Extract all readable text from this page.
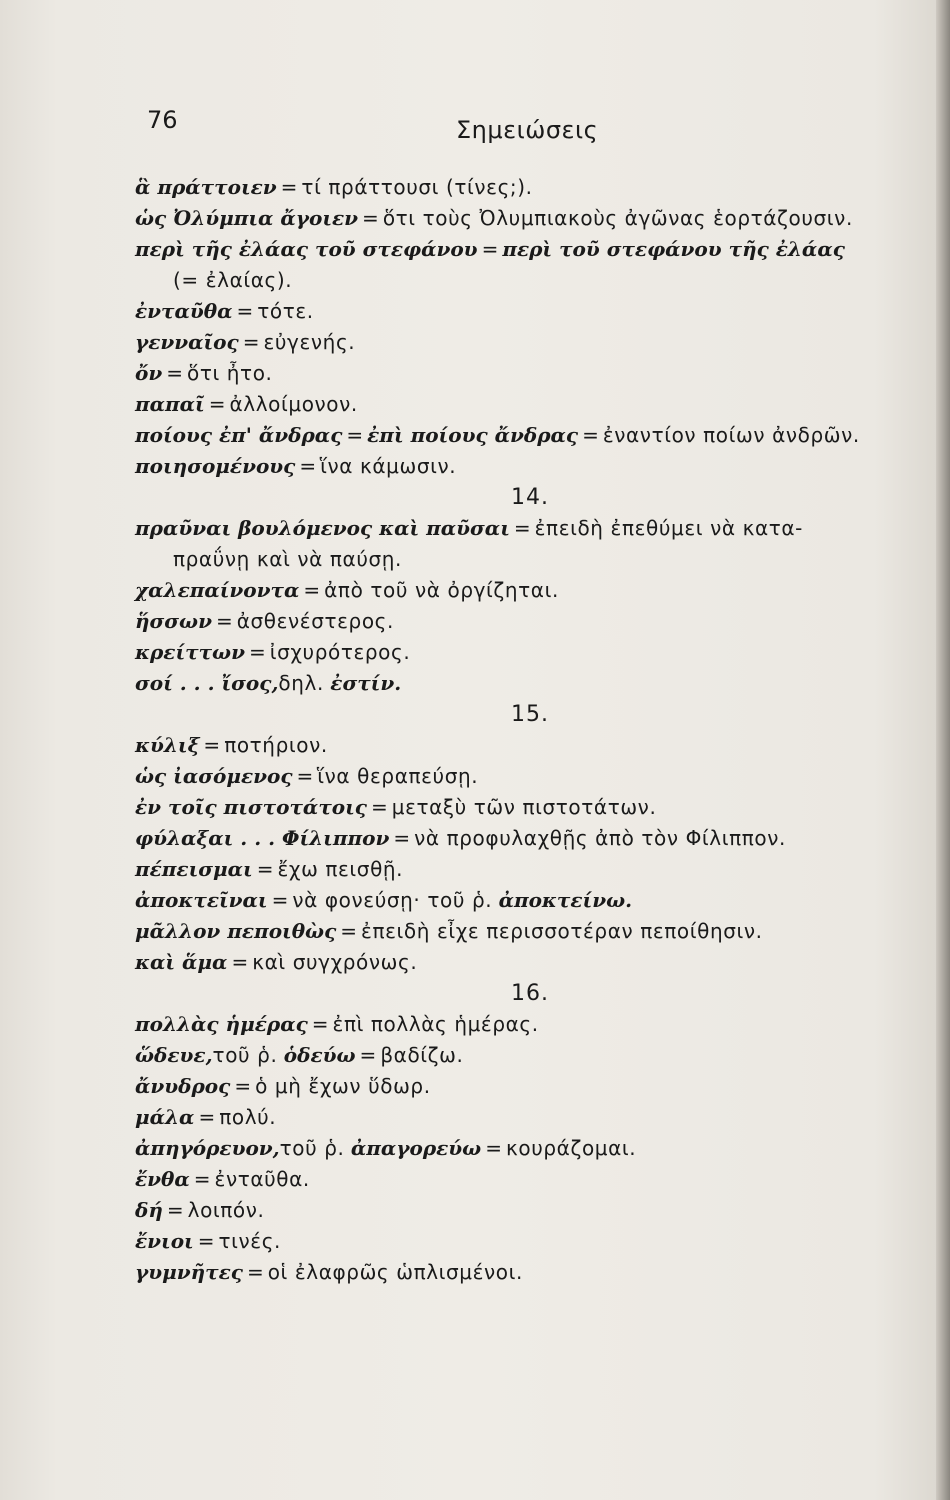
76	Σημειώσεις
ἃ πράττοιεν = τί πράττουσι (τίνες;).
ὡς Ὀλύμπια ἄγοιεν = ὅτι τοὺς Ὀλυμπιακοὺς ἀγῶνας ἑορτάζουσιν.
περὶ τῆς ἐλάας τοῦ στεφάνου = περὶ τοῦ στεφάνου τῆς ἐλάας
(= ἐλαίας).
ἐνταῦθα = τότε.
γενναῖος = εὐγενής.
ὄν = ὅτι ἦτο.
παπαῖ = ἀλλοίμονον.
ποίους ἐπ' ἄνδρας = ἐπὶ ποίους ἄνδρας = ἐναντίον ποίων ἀνδρῶν.
ποιησομένους = ἵνα κάμωσιν.
14.
πραῦναι βουλόμενος καὶ παῦσαι = ἐπειδὴ ἐπεθύμει νὰ κατα-
πραΰνῃ καὶ νὰ παύσῃ.
χαλεπαίνοντα = ἀπὸ τοῦ νὰ ὀργίζηται.
ἥσσων = ἀσθενέστερος.
κρείττων = ἰσχυρότερος.
σοί . . . ἴσος,δηλ. ἐστίν.
15.
κύλιξ = ποτήριον.
ὡς ἰασόμενος = ἵνα θεραπεύσῃ.
ἐν τοῖς πιστοτάτοις = μεταξὺ τῶν πιστοτάτων.
φύλαξαι . . . Φίλιππον = νὰ προφυλαχθῇς ἀπὸ τὸν Φίλιππον.
πέπεισμαι = ἔχω πεισθῇ.
ἀποκτεῖναι = νὰ φονεύσῃ· τοῦ ῥ. ἀποκτείνω.
μᾶλλον πεποιθὼς = ἐπειδὴ εἶχε περισσοτέραν πεποίθησιν.
καὶ ἅμα = καὶ συγχρόνως.
16.
πολλὰς ἡμέρας = ἐπὶ πολλὰς ἡμέρας.
ὥδευε,τοῦ ῥ. ὁδεύω = βαδίζω.
ἄνυδρος = ὁ μὴ ἔχων ὕδωρ.
μάλα = πολύ.
ἀπηγόρευον,τοῦ ῥ. ἀπαγορεύω = κουράζομαι.
ἔνθα = ἐνταῦθα.
δή = λοιπόν.
ἔνιοι = τινές.
γυμνῆτες = οἱ ἐλαφρῶς ὡπλισμένοι.
